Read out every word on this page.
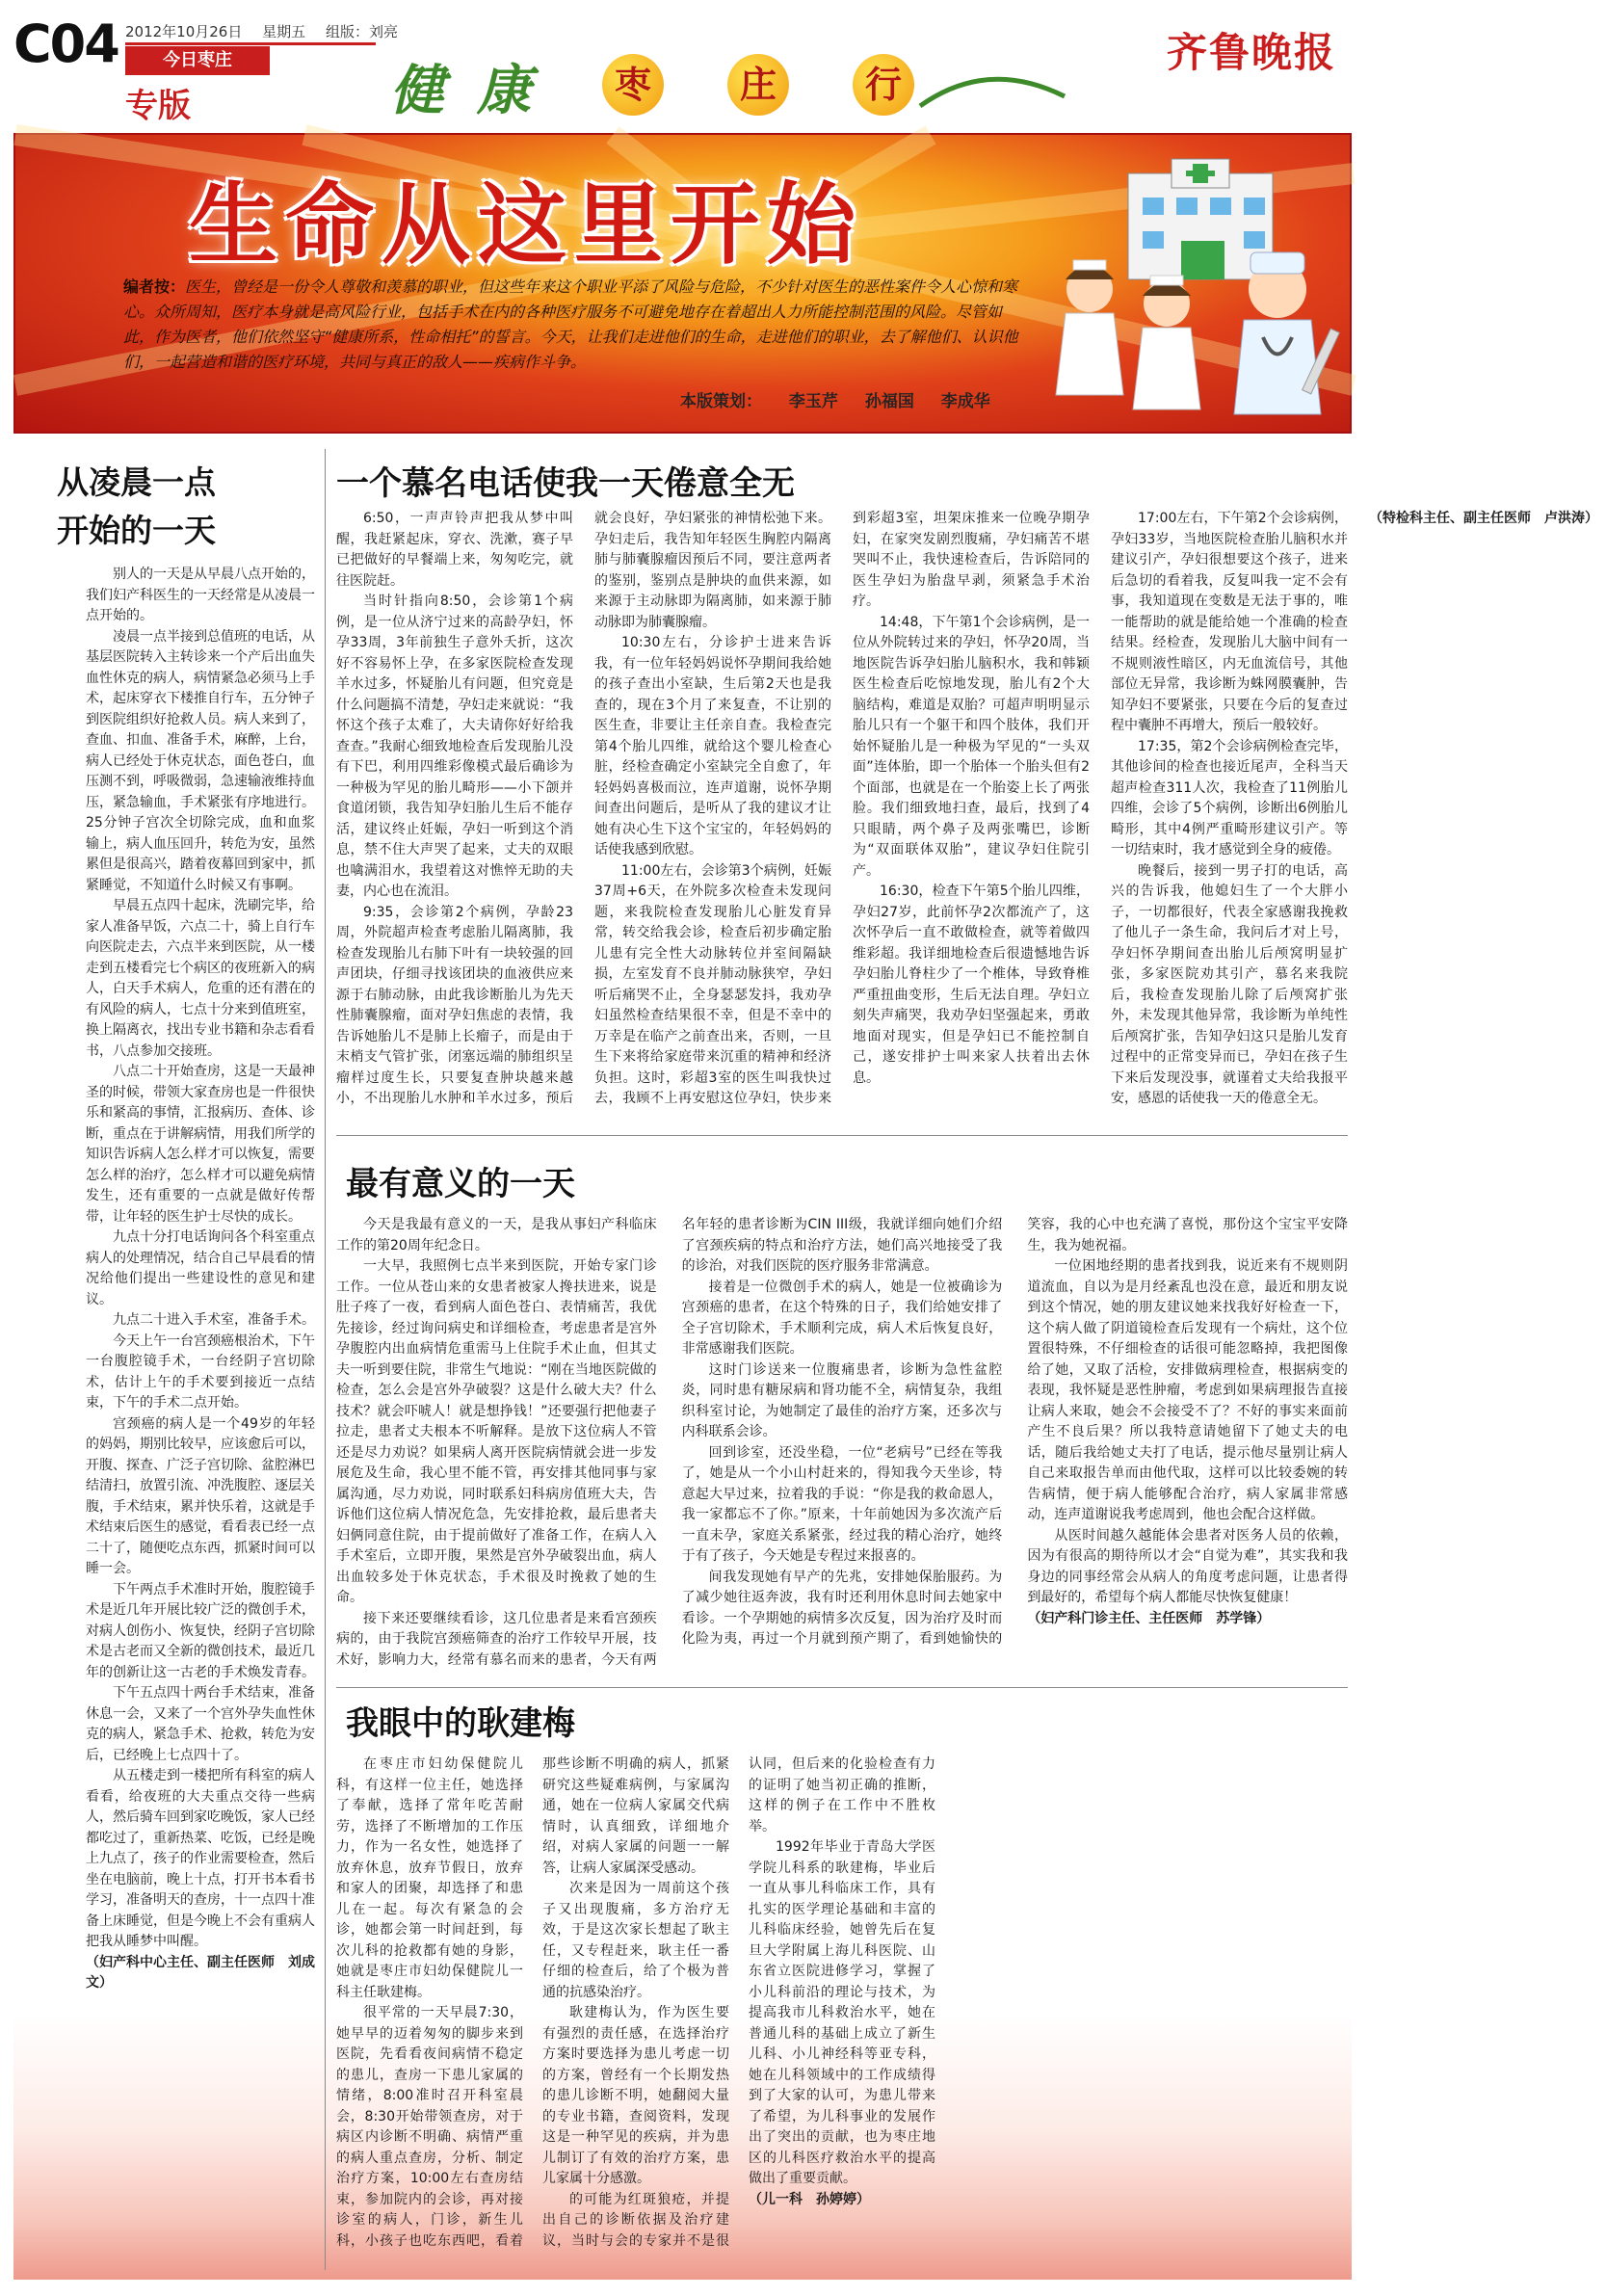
C04 2012年10月26日 星期五 组版：刘亮
今日枣庄
专版	健 康	枣	庄	行
齐鲁晚报
生命从这里开始
编者按：医生，曾经是一份令人尊敬和羡慕的职业，但这些年来这个职业平添了风险与危险，不少针对医生的恶性案件令人心惊和寒心。众所周知，医疗本身就是高风险行业，包括手术在内的各种医疗服务不可避免地存在着超出人力所能控制范围的风险。尽管如此，作为医者，他们依然坚守“健康所系，性命相托”的誓言。今天，让我们走进他们的生命，走进他们的职业，去了解他们、认识他们，一起营造和谐的医疗环境，共同与真正的敌人——疾病作斗争。
本版策划： 李玉芹 孙福国 李成华
从凌晨一点
开始的一天

别人的一天是从早晨八点开始的，我们妇产科医生的一天经常是从凌晨一点开始的。

凌晨一点半接到总值班的电话，从基层医院转入主转诊来一个产后出血失血性休克的病人，病情紧急必须马上手术，起床穿衣下楼推自行车，五分钟子到医院组织好抢救人员。病人来到了，查血、扣血、准备手术，麻醉，上台，病人已经处于休克状态，面色苍白，血压测不到，呼吸微弱，急速输液维持血压，紧急输血，手术紧张有序地进行。25分钟子宫次全切除完成，血和血浆输上，病人血压回升，转危为安，虽然累但是很高兴，踏着夜幕回到家中，抓紧睡觉，不知道什么时候又有事啊。

早晨五点四十起床，洗刷完毕，给家人准备早饭，六点二十，骑上自行车向医院走去，六点半来到医院，从一楼走到五楼看完七个病区的夜班新入的病人，白天手术病人，危重的还有潜在的有风险的病人，七点十分来到值班室，换上隔离衣，找出专业书籍和杂志看看书，八点参加交接班。

八点二十开始查房，这是一天最神圣的时候，带领大家查房也是一件很快乐和紧高的事情，汇报病历、查体、诊断，重点在于讲解病情，用我们所学的知识告诉病人怎么样才可以恢复，需要怎么样的治疗，怎么样才可以避免病情发生，还有重要的一点就是做好传帮带，让年轻的医生护士尽快的成长。

九点十分打电话询问各个科室重点病人的处理情况，结合自己早晨看的情况给他们提出一些建设性的意见和建议。

九点二十进入手术室，准备手术。

今天上午一台宫颈癌根治术，下午一台腹腔镜手术，一台经阴子宫切除术，估计上午的手术要到接近一点结束，下午的手术二点开始。

宫颈癌的病人是一个49岁的年轻的妈妈，期别比较早，应该愈后可以，开腹、探查、广泛子宫切除、盆腔淋巴结清扫，放置引流、冲洗腹腔、逐层关腹，手术结束，累并快乐着，这就是手术结束后医生的感觉，看看表已经一点二十了，随便吃点东西，抓紧时间可以睡一会。

下午两点手术准时开始，腹腔镜手术是近几年开展比较广泛的微创手术，对病人创伤小、恢复快，经阴子宫切除术是古老而又全新的微创技术，最近几年的创新让这一古老的手术焕发青春。

下午五点四十两台手术结束，准备休息一会，又来了一个宫外孕失血性休克的病人，紧急手术、抢救，转危为安后，已经晚上七点四十了。

从五楼走到一楼把所有科室的病人看看，给夜班的大夫重点交待一些病人，然后骑车回到家吃晚饭，家人已经都吃过了，重新热菜、吃饭，已经是晚上九点了，孩子的作业需要检查，然后坐在电脑前，晚上十点，打开书本看书学习，准备明天的查房，十一点四十准备上床睡觉，但是今晚上不会有重病人把我从睡梦中叫醒。

（妇产科中心主任、副主任医师　刘成文）

一个慕名电话使我一天倦意全无

6:50，一声声铃声把我从梦中叫醒，我赶紧起床，穿衣、洗漱，赛子早已把做好的早餐端上来，匆匆吃完，就往医院赶。

当时针指向8:50，会诊第1个病例，是一位从济宁过来的高龄孕妇，怀孕33周，3年前独生子意外夭折，这次好不容易怀上孕，在多家医院检查发现羊水过多，怀疑胎儿有问题，但究竟是什么问题搞不清楚，孕妇走来就说：“我怀这个孩子太难了，大夫请你好好给我查查。”我耐心细致地检查后发现胎儿没有下巴，利用四维彩像模式最后确诊为一种极为罕见的胎儿畸形——小下颌并食道闭锁，我告知孕妇胎儿生后不能存活，建议终止妊娠，孕妇一听到这个消息，禁不住大声哭了起来，丈夫的双眼也噙满泪水，我望着这对憔悴无助的夫妻，内心也在流泪。

9:35，会诊第2个病例，孕龄23周，外院超声检查考虑胎儿隔离肺，我检查发现胎儿右肺下叶有一块较强的回声团块，仔细寻找该团块的血液供应来源于右肺动脉，由此我诊断胎儿为先天性肺囊腺瘤，面对孕妇焦虑的表情，我告诉她胎儿不是肺上长瘤子，而是由于末梢支气管扩张，闭塞远端的肺组织呈瘤样过度生长，只要复查肿块越来越小，不出现胎儿水肿和羊水过多，预后就会良好，孕妇紧张的神情松弛下来。孕妇走后，我告知年轻医生胸腔内隔离肺与肺囊腺瘤因预后不同，要注意两者的鉴别，鉴别点是肿块的血供来源，如来源于主动脉即为隔离肺，如来源于肺动脉即为肺囊腺瘤。

10:30左右，分诊护士进来告诉我，有一位年轻妈妈说怀孕期间我给她的孩子查出小室缺，生后第2天也是我查的，现在3个月了来复查，不让别的医生查，非要让主任亲自查。我检查完第4个胎儿四维，就给这个婴儿检查心脏，经检查确定小室缺完全自愈了，年轻妈妈喜极而泣，连声道谢，说怀孕期间查出问题后，是听从了我的建议才让她有决心生下这个宝宝的，年轻妈妈的话使我感到欣慰。

11:00左右，会诊第3个病例，妊娠37周+6天，在外院多次检查未发现问题，来我院检查发现胎儿心脏发育异常，转交给我会诊，检查后初步确定胎儿患有完全性大动脉转位并室间隔缺损，左室发育不良并肺动脉狭窄，孕妇听后痛哭不止，全身瑟瑟发抖，我劝孕妇虽然检查结果很不幸，但是不幸中的万幸是在临产之前查出来，否则，一旦生下来将给家庭带来沉重的精神和经济负担。这时，彩超3室的医生叫我快过去，我顾不上再安慰这位孕妇，快步来到彩超3室，坦架床推来一位晚孕期孕妇，在家突发剧烈腹痛，孕妇痛苦不堪哭叫不止，我快速检查后，告诉陪同的医生孕妇为胎盘早剥，须紧急手术治疗。

14:48，下午第1个会诊病例，是一位从外院转过来的孕妇，怀孕20周，当地医院告诉孕妇胎儿脑积水，我和韩颖医生检查后吃惊地发现，胎儿有2个大脑结构，难道是双胎？可超声明明显示胎儿只有一个躯干和四个肢体，我们开始怀疑胎儿是一种极为罕见的“一头双面”连体胎，即一个胎体一个胎头但有2个面部，也就是在一个胎姿上长了两张脸。我们细致地扫查，最后，找到了4只眼睛，两个鼻子及两张嘴巴，诊断为“双面联体双胎”，建议孕妇住院引产。

16:30，检查下午第5个胎儿四维，孕妇27岁，此前怀孕2次都流产了，这次怀孕后一直不敢做检查，就等着做四维彩超。我详细地检查后很遗憾地告诉孕妇胎儿脊柱少了一个椎体，导致脊椎严重扭曲变形，生后无法自理。孕妇立刻失声痛哭，我劝孕妇坚强起来，勇敢地面对现实，但是孕妇已不能控制自己，遂安排护士叫来家人扶着出去休息。

17:00左右，下午第2个会诊病例，孕妇33岁，当地医院检查胎儿脑积水并建议引产，孕妇很想要这个孩子，进来后急切的看着我，反复叫我一定不会有事，我知道现在变数是无法于事的，唯一能帮助的就是能给她一个准确的检查结果。经检查，发现胎儿大脑中间有一不规则液性暗区，内无血流信号，其他部位无异常，我诊断为蛛网膜囊肿，告知孕妇不要紧张，只要在今后的复查过程中囊肿不再增大，预后一般较好。

17:35，第2个会诊病例检查完毕，其他诊间的检查也接近尾声，全科当天超声检查311人次，我检查了11例胎儿四维，会诊了5个病例，诊断出6例胎儿畸形，其中4例严重畸形建议引产。等一切结束时，我才感觉到全身的疲倦。

晚餐后，接到一男子打的电话，高兴的告诉我，他媳妇生了一个大胖小子，一切都很好，代表全家感谢我挽救了他儿子一条生命，我问后才对上号，孕妇怀孕期间查出胎儿后颅窝明显扩张，多家医院劝其引产，慕名来我院后，我检查发现胎儿除了后颅窝扩张外，未发现其他异常，我诊断为单纯性后颅窝扩张，告知孕妇这只是胎儿发育过程中的正常变异而已，孕妇在孩子生下来后发现没事，就谨着丈夫给我报平安，感恩的话使我一天的倦意全无。

（特检科主任、副主任医师　卢洪涛）

最有意义的一天

今天是我最有意义的一天，是我从事妇产科临床工作的第20周年纪念日。

一大早，我照例七点半来到医院，开始专家门诊工作。一位从苍山来的女患者被家人搀扶进来，说是肚子疼了一夜，看到病人面色苍白、表情痛苦，我优先接诊，经过询问病史和详细检查，考虑患者是宫外孕腹腔内出血病情危重需马上住院手术止血，但其丈夫一听到要住院，非常生气地说：“刚在当地医院做的检查，怎么会是宫外孕破裂？这是什么破大夫？什么技术？就会吓唬人！就是想挣钱！”还要强行把他妻子拉走，患者丈夫根本不听解释。是放下这位病人不管还是尽力劝说？如果病人离开医院病情就会进一步发展危及生命，我心里不能不管，再安排其他同事与家属沟通，尽力劝说，同时联系妇科病房值班大夫，告诉他们这位病人情况危急，先安排抢救，最后患者夫妇俩同意住院，由于提前做好了准备工作，在病人入手术室后，立即开腹，果然是宫外孕破裂出血，病人出血较多处于休克状态，手术很及时挽救了她的生命。

接下来还要继续看诊，这几位患者是来看宫颈疾病的，由于我院宫颈癌筛查的治疗工作较早开展，技术好，影响力大，经常有慕名而来的患者，今天有两名年轻的患者诊断为CIN III级，我就详细向她们介绍了宫颈疾病的特点和治疗方法，她们高兴地接受了我的诊治，对我们医院的医疗服务非常满意。

接着是一位微创手术的病人，她是一位被确诊为宫颈癌的患者，在这个特殊的日子，我们给她安排了全子宫切除术，手术顺利完成，病人术后恢复良好，非常感谢我们医院。

这时门诊送来一位腹痛患者，诊断为急性盆腔炎，同时患有糖尿病和肾功能不全，病情复杂，我组织科室讨论，为她制定了最佳的治疗方案，还多次与内科联系会诊。

回到诊室，还没坐稳，一位“老病号”已经在等我了，她是从一个小山村赶来的，得知我今天坐诊，特意起大早过来，拉着我的手说：“你是我的救命恩人，我一家都忘不了你。”原来，十年前她因为多次流产后一直未孕，家庭关系紧张，经过我的精心治疗，她终于有了孩子，今天她是专程过来报喜的。

间我发现她有早产的先兆，安排她保胎服药。为了减少她往返奔波，我有时还利用休息时间去她家中看诊。一个孕期她的病情多次反复，因为治疗及时而化险为夷，再过一个月就到预产期了，看到她愉快的笑容，我的心中也充满了喜悦，那份这个宝宝平安降生，我为她祝福。

一位困地经期的患者找到我，说近来有不规则阴道流血，自以为是月经紊乱也没在意，最近和朋友说到这个情况，她的朋友建议她来找我好好检查一下，这个病人做了阴道镜检查后发现有一个病灶，这个位置很特殊，不仔细检查的话很可能忽略掉，我把图像给了她，又取了活检，安排做病理检查，根据病变的表现，我怀疑是恶性肿瘤，考虑到如果病理报告直接让病人来取，她会不会接受不了？不好的事实来面前产生不良后果？所以我特意请她留下了她丈夫的电话，随后我给她丈夫打了电话，提示他尽量别让病人自己来取报告单而由他代取，这样可以比较委婉的转告病情，便于病人能够配合治疗，病人家属非常感动，连声道谢说我考虑周到，他也会配合这样做。

从医时间越久越能体会患者对医务人员的依赖，因为有很高的期待所以才会“自觉为难”，其实我和我身边的同事经常会从病人的角度考虑问题，让患者得到最好的，希望每个病人都能尽快恢复健康！

（妇产科门诊主任、主任医师　苏学锋）

我眼中的耿建梅

在枣庄市妇幼保健院儿科，有这样一位主任，她选择了奉献，选择了常年吃苦耐劳，选择了不断增加的工作压力，作为一名女性，她选择了放弃休息，放弃节假日，放弃和家人的团聚，却选择了和患儿在一起。每次有紧急的会诊，她都会第一时间赶到，每次儿科的抢救都有她的身影，她就是枣庄市妇幼保健院儿一科主任耿建梅。

很平常的一天早晨7:30，她早早的迈着匆匆的脚步来到医院，先看看夜间病情不稳定的患儿，查房一下患儿家属的情绪，8:00准时召开科室晨会，8:30开始带领查房，对于病区内诊断不明确、病情严重的病人重点查房，分析、制定治疗方案，10:00左右查房结束，参加院内的会诊，再对接诊室的病人，门诊，新生儿科，小孩子也吃东西吧，看着那些诊断不明确的病人，抓紧研究这些疑难病例，与家属沟通，她在一位病人家属交代病情时，认真细致，详细地介绍，对病人家属的问题一一解答，让病人家属深受感动。

次来是因为一周前这个孩子又出现腹痛，多方治疗无效，于是这次家长想起了耿主任，又专程赶来，耿主任一番仔细的检查后，给了个极为普通的抗感染治疗。

耿建梅认为，作为医生要有强烈的责任感，在选择治疗方案时要选择为患儿考虑一切的方案，曾经有一个长期发热的患儿诊断不明，她翻阅大量的专业书籍，查阅资料，发现这是一种罕见的疾病，并为患儿制订了有效的治疗方案，患儿家属十分感激。

的可能为红斑狼疮，并提出自己的诊断依据及治疗建议，当时与会的专家并不是很认同，但后来的化验检查有力的证明了她当初正确的推断，这样的例子在工作中不胜枚举。

1992年毕业于青岛大学医学院儿科系的耿建梅，毕业后一直从事儿科临床工作，具有扎实的医学理论基础和丰富的儿科临床经验，她曾先后在复旦大学附属上海儿科医院、山东省立医院进修学习，掌握了小儿科前沿的理论与技术，为提高我市儿科救治水平，她在普通儿科的基础上成立了新生儿科、小儿神经科等亚专科，她在儿科领域中的工作成绩得到了大家的认可，为患儿带来了希望，为儿科事业的发展作出了突出的贡献，也为枣庄地区的儿科医疗救治水平的提高做出了重要贡献。

（儿一科　孙婷婷）
